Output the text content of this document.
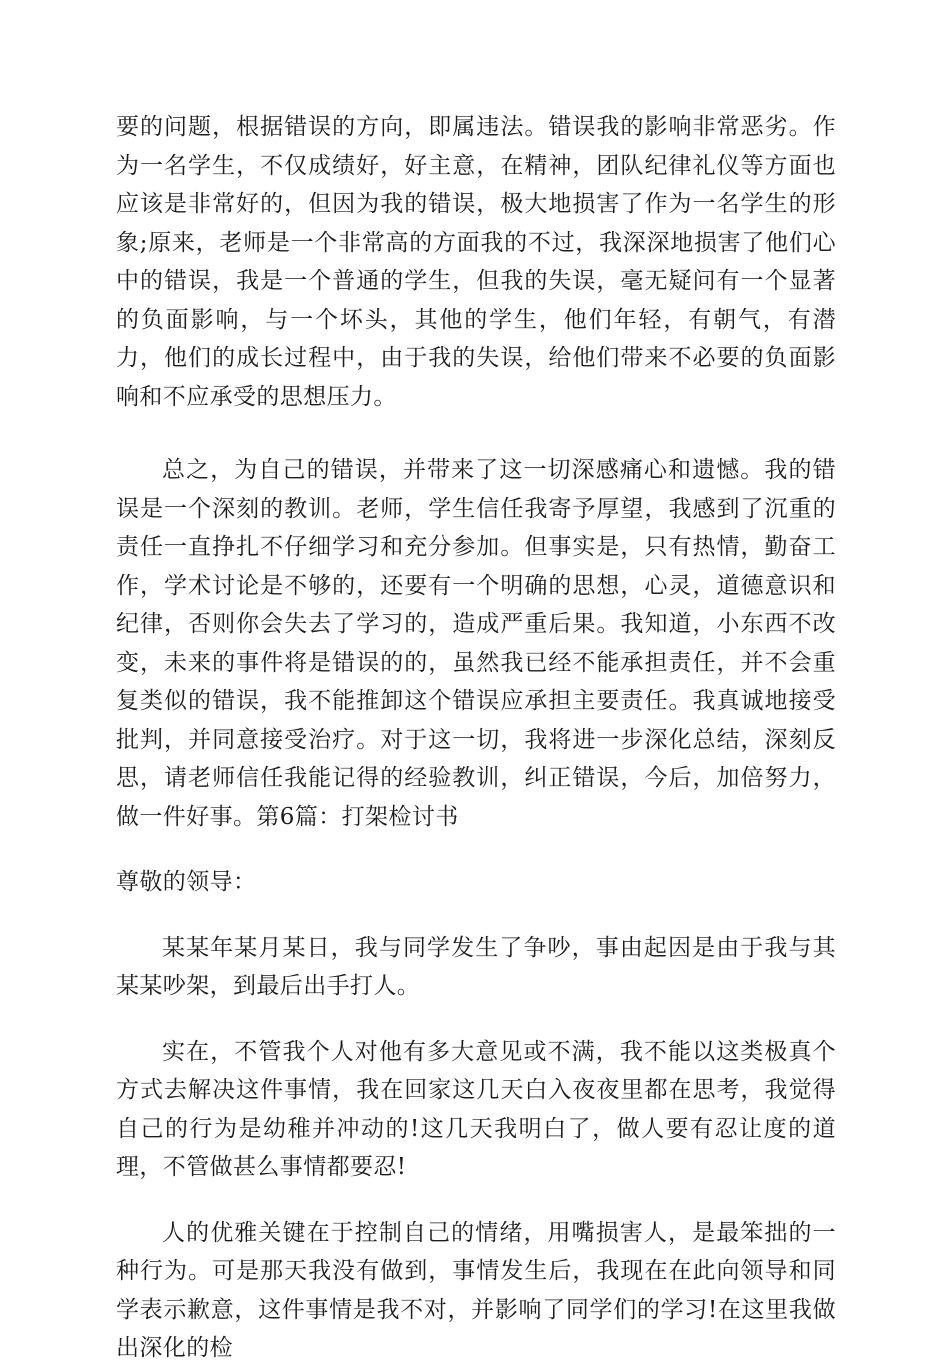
要的问题，根据错误的方向，即属违法。错误我的影响非常恶劣。作为一名学生，不仅成绩好，好主意，在精神，团队纪律礼仪等方面也应该是非常好的，但因为我的错误，极大地损害了作为一名学生的形象;原来，老师是一个非常高的方面我的不过，我深深地损害了他们心中的错误，我是一个普通的学生，但我的失误，毫无疑问有一个显著的负面影响，与一个坏头，其他的学生，他们年轻，有朝气，有潜力，他们的成长过程中，由于我的失误，给他们带来不必要的负面影响和不应承受的思想压力。

总之，为自己的错误，并带来了这一切深感痛心和遗憾。我的错误是一个深刻的教训。老师，学生信任我寄予厚望，我感到了沉重的责任一直挣扎不仔细学习和充分参加。但事实是，只有热情，勤奋工作，学术讨论是不够的，还要有一个明确的思想，心灵，道德意识和纪律，否则你会失去了学习的，造成严重后果。我知道，小东西不改变，未来的事件将是错误的的，虽然我已经不能承担责任，并不会重复类似的错误，我不能推卸这个错误应承担主要责任。我真诚地接受批判，并同意接受治疗。对于这一切，我将进一步深化总结，深刻反思，请老师信任我能记得的经验教训，纠正错误，今后，加倍努力，做一件好事。第6篇：打架检讨书

尊敬的领导：

某某年某月某日，我与同学发生了争吵，事由起因是由于我与其某某吵架，到最后出手打人。

实在，不管我个人对他有多大意见或不满，我不能以这类极真个方式去解决这件事情，我在回家这几天白入夜夜里都在思考，我觉得自己的行为是幼稚并冲动的!这几天我明白了，做人要有忍让度的道理，不管做甚么事情都要忍!

人的优雅关键在于控制自己的情绪，用嘴损害人，是最笨拙的一种行为。可是那天我没有做到，事情发生后，我现在在此向领导和同学表示歉意，这件事情是我不对，并影响了同学们的学习!在这里我做出深化的检
